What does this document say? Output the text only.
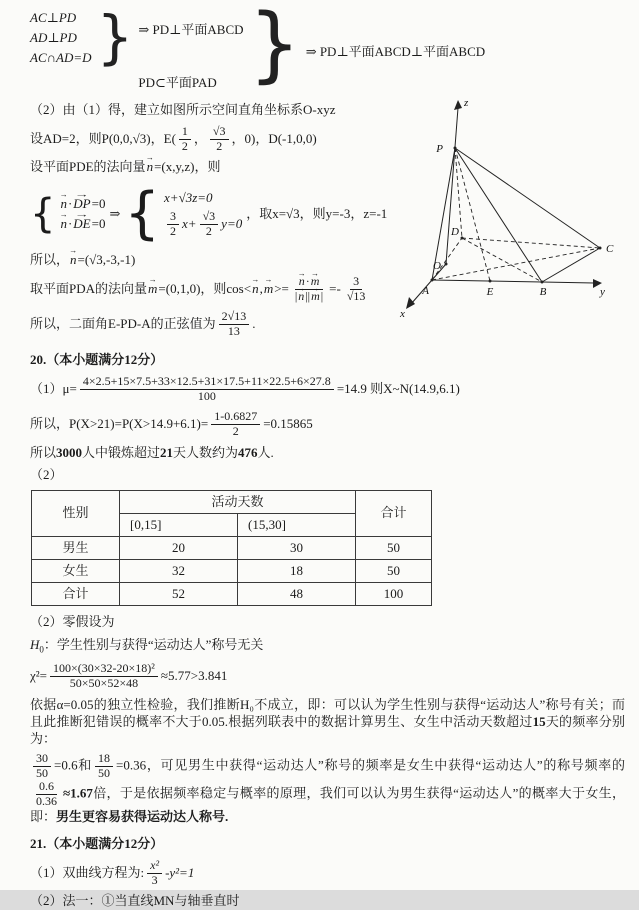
AC⊥PD
AD⊥PD
AC∩AD=D } ⇒ PD⊥平面ABCD
PD⊂平面PAD } ⇒ PD⊥平面ABCD⊥平面ABCD

（2）由（1）得，建立如图所示空间直角坐标系O-xyz

设AD=2，则P(0,0,√3)，$E( \frac{1}{2}$ ， $\frac{√3}{2}$ ，0)，D(-1,0,0)

设平面PDE的法向量 n → =(x,y,z)，则

{ n → · DP → =0
n → · DE → =0
⇒ { x+√3z=0
$\frac{3}{2} x+ \frac{√3}{2} y=0$
，取x=√3，则y=-3，z=-1

所以， n → =(√3,-3,-1)

取平面PDA的法向量 m → =(0,1,0)，则cos< n → , m → >= $\frac{n \to \cdot m \to}{| n \to || m \to |} =- \frac{3}{√13}$

所以，二面角E-PD-A的正弦值为 $\frac{2√13}{13}$ .

20.（本小题满分12分）

$(1)\mu= \frac{4\times 2.5+15\times 7.5+33\times 12.5+31\times 17.5+11\times 22.5+6\times 27.8}{100} =14.9$ 则X~N(14.9,6.1)

所以，$P(X>21)=P(X>14.9+6.1)= \frac{1-0.6827}{2} =0.15865$

所以3000人中锻炼超过21天人数约为476人.

（2）

性别	活动天数		合计
	[0,15]	(15,30]	
男生	20	30	50
女生	32	18	50
合计	52	48	100

（2）零假设为

$H_0$：学生性别与获得“运动达人”称号无关

$\chi^2= \frac{\text{100×(30×32-20×18)²}}{50\times 50\times 52\times 48} \approx 5.77>3.841$

依据α=0.05的独立性检验，我们推断H₀不成立，即：可以认为学生性别与获得“运动达人”称号有关；而且此推断犯错误的概率不大于0.05.根据列联表中的数据计算男生、女生中活动天数超过15天的频率分别为：

$\frac{30}{50} =0.6$和 $\frac{18}{50} =0.36$，可见男生中获得“运动达人”称号的频率是女生中获得“运动达人”的称号频率的
$\frac{0.6}{0.36} \approx 1.67$倍，于是依据频率稳定与概率的原理，我们可以认为男生获得“运动达人”的概率大于女生，即：男生更容易获得运动达人称号.

21.（本小题满分12分）

（1）双曲线方程为: $\frac{\text{x²}}{3} -y^2=1$

（2）法一：①当直线MN与轴垂直时

z
P
D
C
O
A	E	B
x
y
